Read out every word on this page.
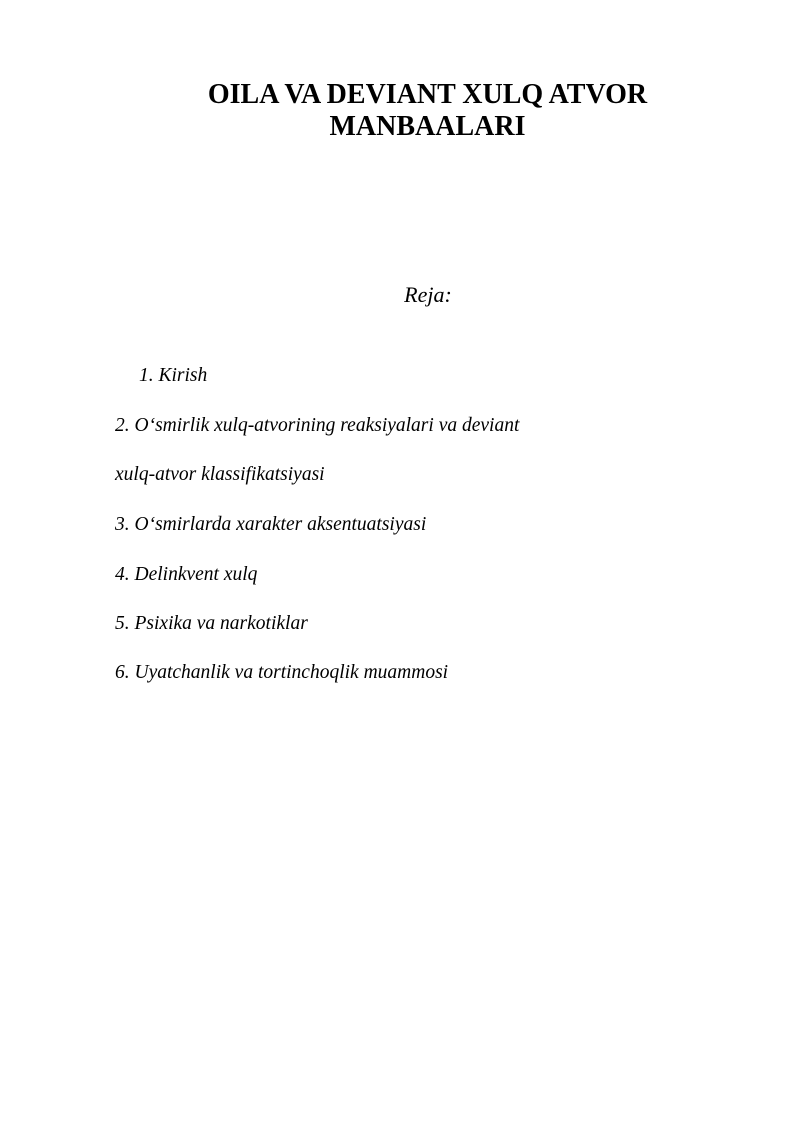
OILA VA DEVIANT XULQ ATVOR
MANBAALARI

Reja:

1. Kirish
2. O‘smirlik xulq-atvorining reaksiyalari va deviant
xulq-atvor klassifikatsiyasi
3. O‘smirlarda xarakter aksentuatsiyasi
4. Delinkvent xulq
5. Psixika va narkotiklar
6. Uyatchanlik va tortinchoqlik muammosi
